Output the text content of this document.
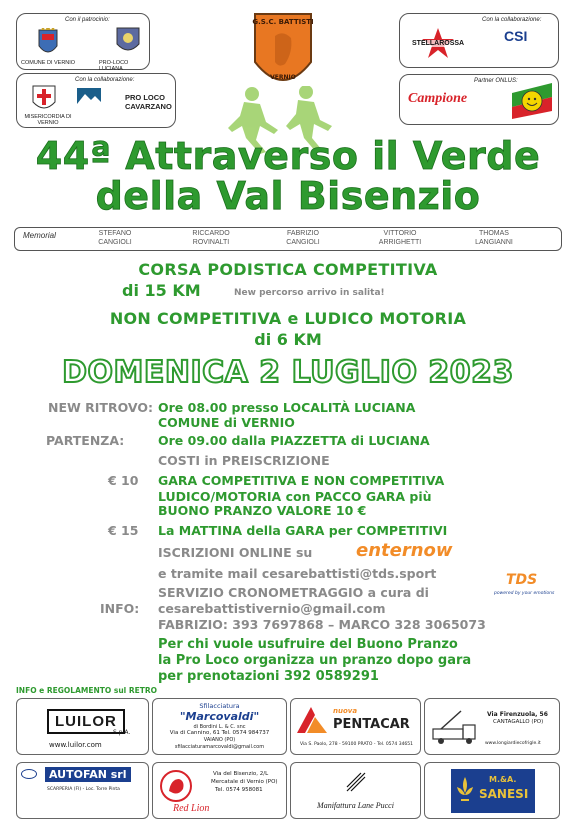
Con il patrocinio:
COMUNE DI VERNIO	PRO-LOCO LUCIANA
Con la collaborazione:
MISERICORDIA DI VERNIO
PRO LOCO CAVARZANO
G.S.C. BATTISTI
VERNIO
Con la collaborazione:
STELLAROSSA	CSI
Partner ONLUS:
Campione
44ª Attraverso il Verde
della Val Bisenzio
Memorial	STEFANO
CANGIOLI
RICCARDO
ROVINALTI
FABRIZIO
CANGIOLI
VITTORIO
ARRIGHETTI
THOMAS
LANGIANNI
CORSA PODISTICA COMPETITIVA
di 15 KM	New percorso arrivo in salita!
NON COMPETITIVA e LUDICO MOTORIA
di 6 KM
DOMENICA 2 LUGLIO 2023
NEW RITROVO: Ore 08.00 presso LOCALITÀ LUCIANA
COMUNE di VERNIO
PARTENZA:	Ore 09.00 dalla PIAZZETTA di LUCIANA
COSTI in PREISCRIZIONE
€ 10 GARA COMPETITIVA E NON COMPETITIVA
LUDICO/MOTORIA con PACCO GARA più
BUONO PRANZO VALORE 10 €
€ 15 La MATTINA della GARA per COMPETITIVI
ISCRIZIONI ONLINE su enternow
e tramite mail cesarebattisti@tds.sport	TDS
powered by your emotions
SERVIZIO CRONOMETRAGGIO a cura di
INFO: cesarebattistivernio@gmail.com
FABRIZIO: 393 7697868 – MARCO 328 3065073
Per chi vuole usufruire del Buono Pranzo
la Pro Loco organizza un pranzo dopo gara
per prenotazioni 392 0589291
INFO e REGOLAMENTO sul RETRO
LUILOR
S.p.A.
www.luilor.com
Sfilacciatura
"Marcovaldi"
di Bordini L. & C. snc
Via di Cannino, 61 Tel. 0574 984737
VAIANO (PO)
sfilacciaturamarcovaldi@gmail.com
nuova
PENTACAR
Via S. Paolo, 278 - 59100 PRATO - Tel. 0574 34651
Via Firenzuola, 56
CANTAGALLO (PO)
www.longiardiecofrigle.it
AUTOFAN srl
SCARPERIA (FI) - Loc. Torre Pinta
Via del Bisenzio, 2/L
Mercatale di Vernio (PO)
Tel. 0574 958081
Red Lion	Manifattura Lane Pucci
M.&A.
SANESI
